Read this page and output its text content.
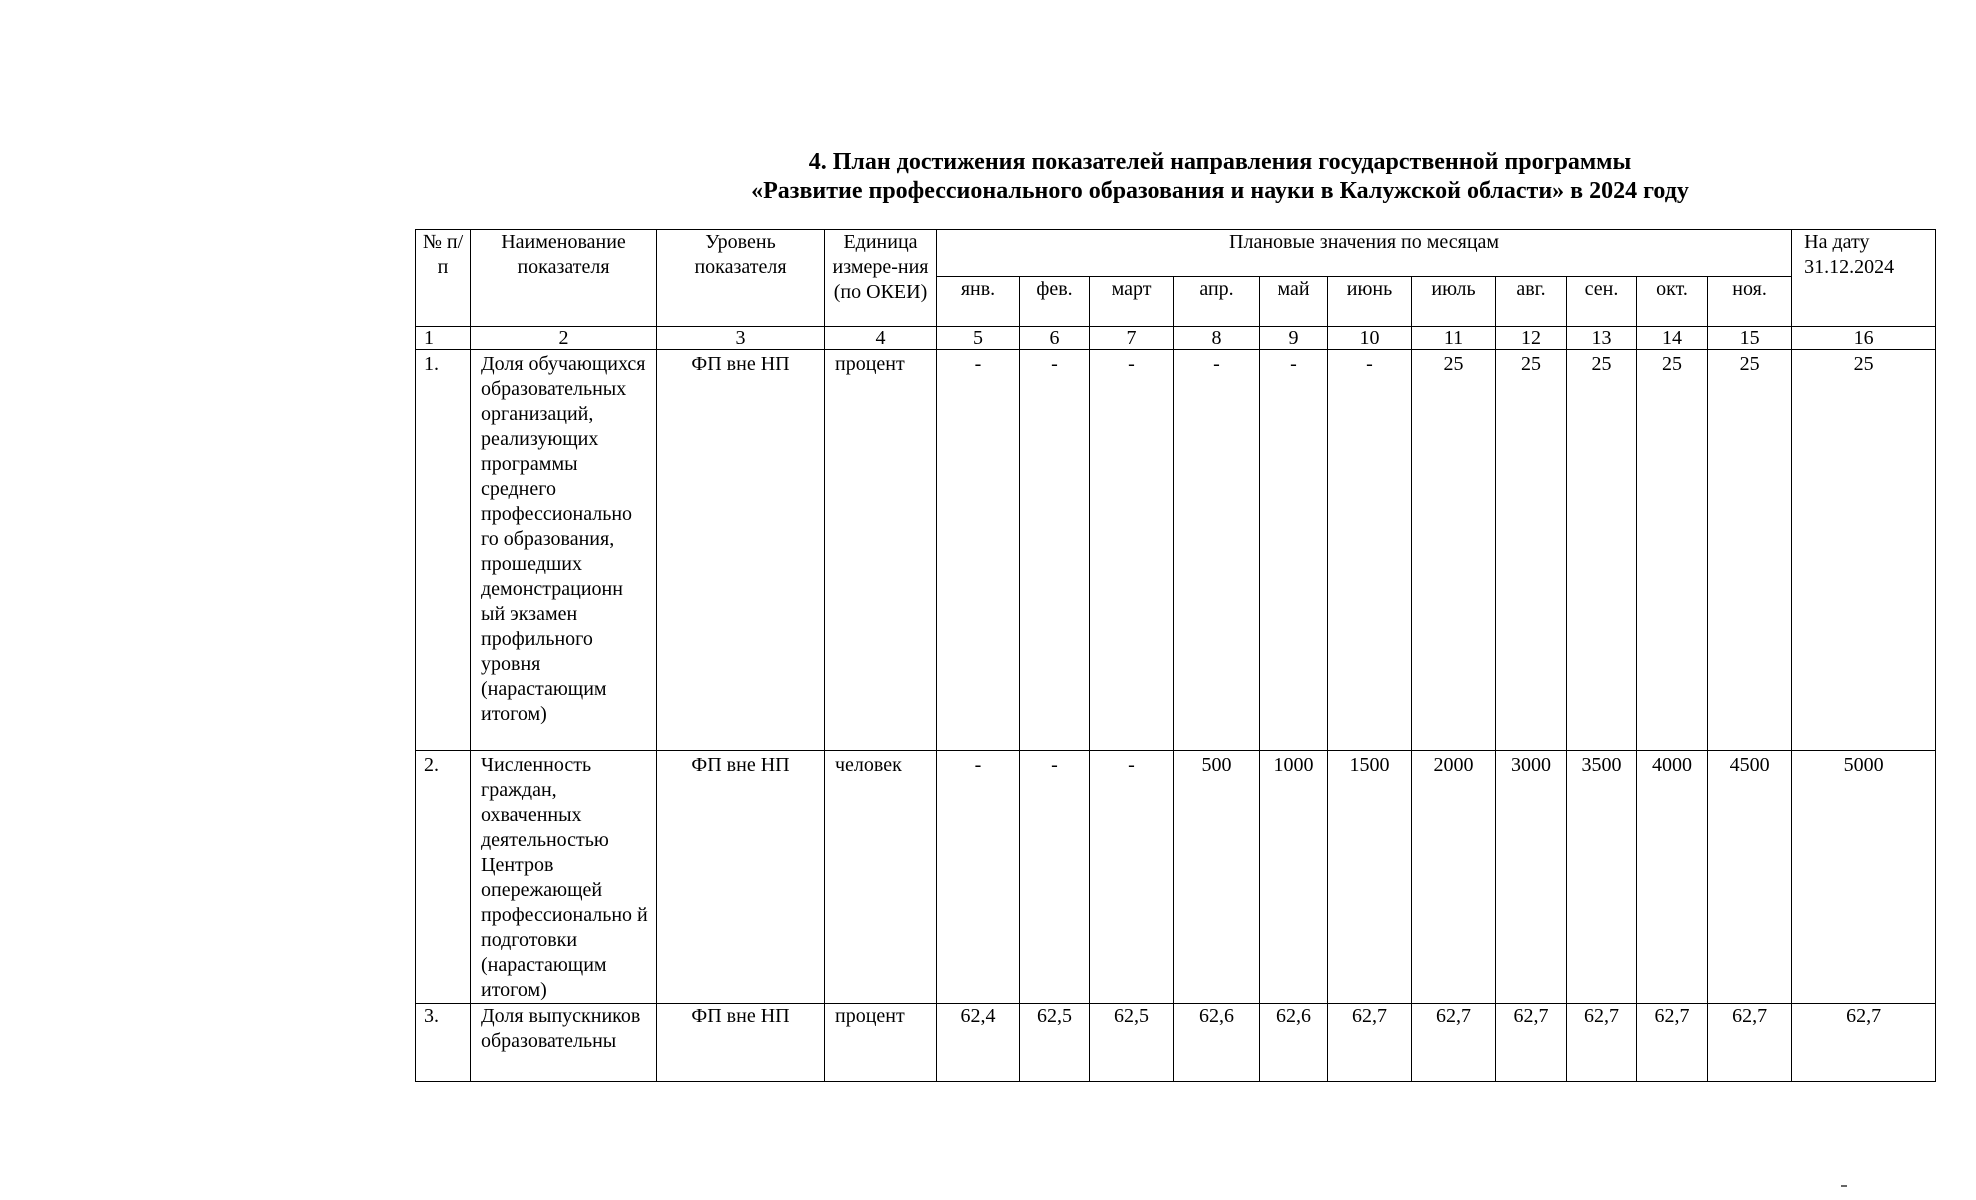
4. План достижения показателей направления государственной программы
«Развитие профессионального образования и науки в Калужской области» в 2024 году
№ п/п	Наименование показателя	Уровень показателя	Единица измере-ния (по ОКЕИ)	Плановые значения по месяцам											На дату 31.12.2024
				янв.	фев.	март	апр.	май	июнь	июль	авг.	сен.	окт.	ноя.	
1	2	3	4	5	6	7	8	9	10	11	12	13	14	15	16
1.	Доля обучающихся образовательных организаций, реализующих программы среднего профессионально го образования, прошедших демонстрационн ый экзамен профильного уровня (нарастающим итогом)	ФП вне НП	процент	-	-	-	-	-	-	25	25	25	25	25	25
2.	Численность граждан, охваченных деятельностью Центров опережающей профессионально й подготовки (нарастающим итогом)	ФП вне НП	человек	-	-	-	500	1000	1500	2000	3000	3500	4000	4500	5000
3.	Доля выпускников образовательны	ФП вне НП	процент	62,4	62,5	62,5	62,6	62,6	62,7	62,7	62,7	62,7	62,7	62,7	62,7
